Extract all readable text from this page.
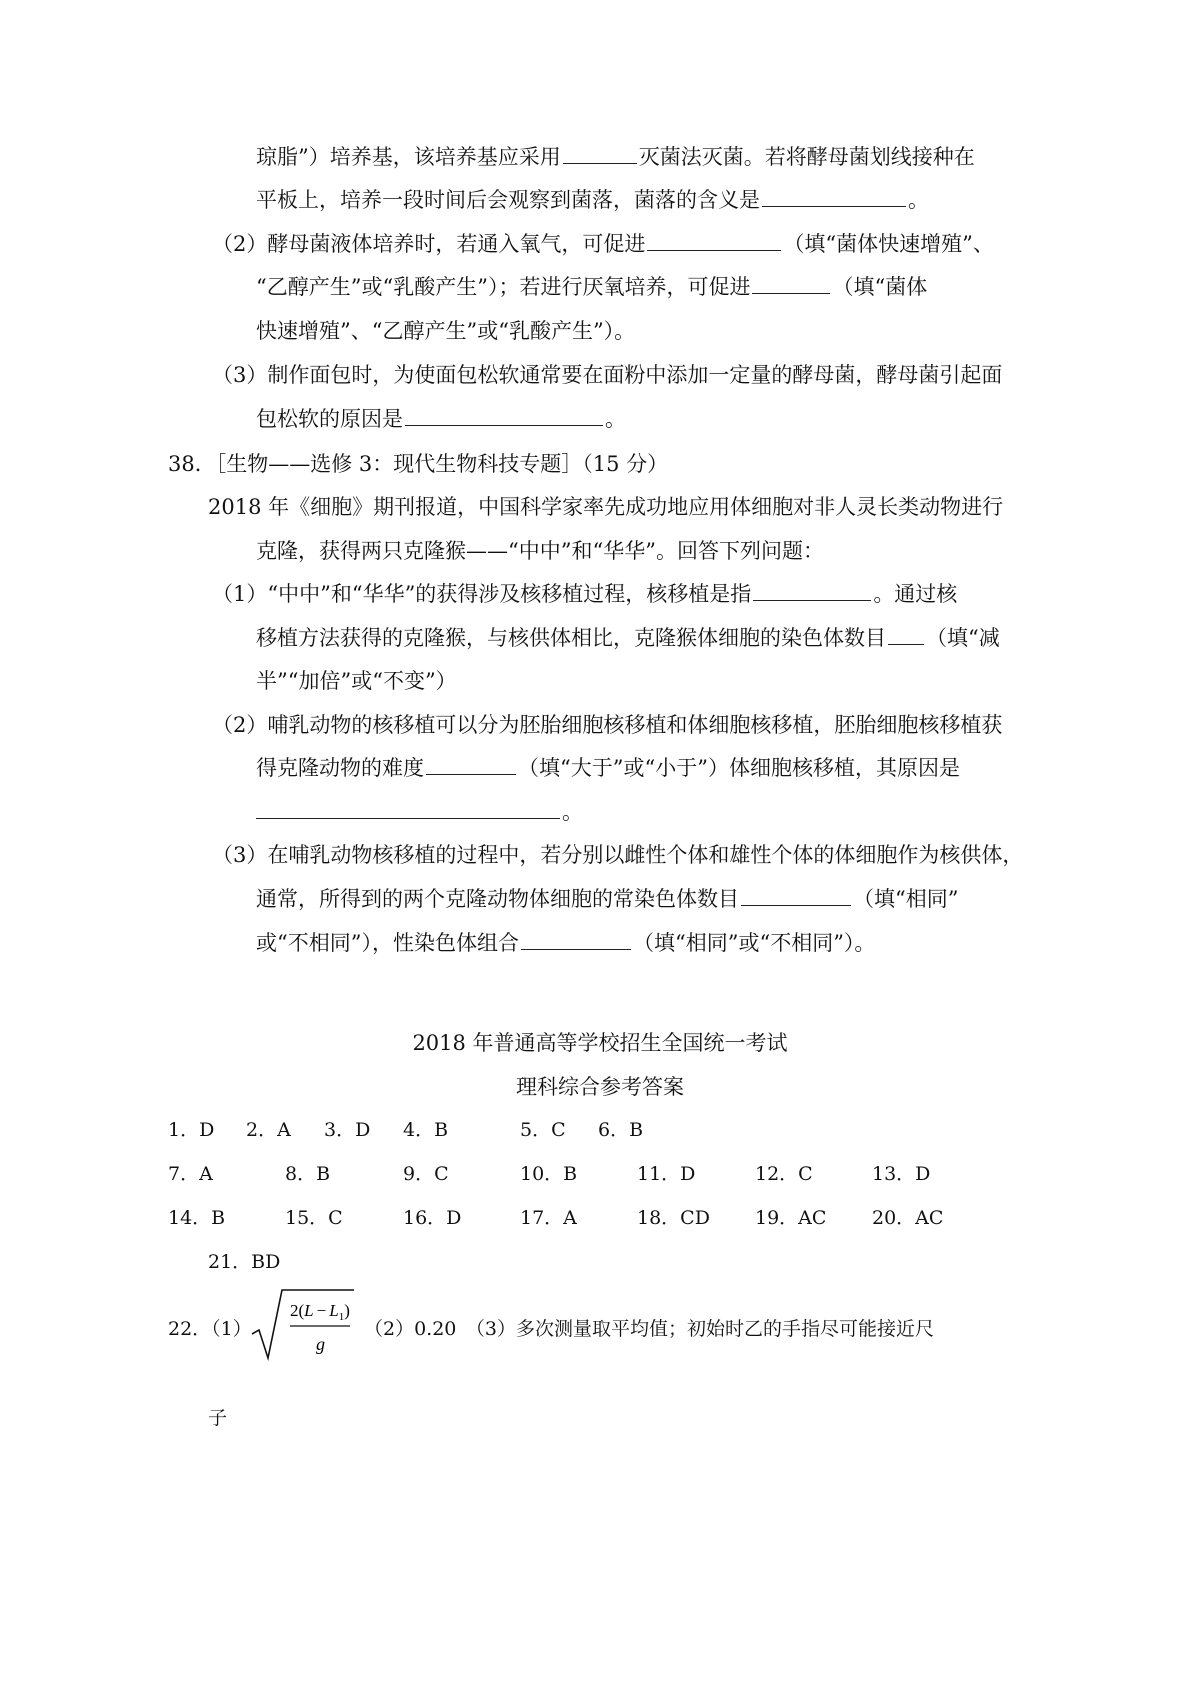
琼脂”）培养基，该培养基应采用	灭菌法灭菌。若将酵母菌划线接种在
平板上，培养一段时间后会观察到菌落，菌落的含义是	。
（2）酵母菌液体培养时，若通入氧气，可促进	（填“菌体快速增殖”、
“乙醇产生”或“乳酸产生”）；若进行厌氧培养，可促进	（填“菌体
快速增殖”、“乙醇产生”或“乳酸产生”）。
（3）制作面包时，为使面包松软通常要在面粉中添加一定量的酵母菌，酵母菌引起面
包松软的原因是	。
38．［生物——选修 3：现代生物科技专题］（15 分）
2018 年《细胞》期刊报道，中国科学家率先成功地应用体细胞对非人灵长类动物进行
克隆，获得两只克隆猴——“中中”和“华华”。回答下列问题：
（1）“中中”和“华华”的获得涉及核移植过程，核移植是指	。通过核
移植方法获得的克隆猴，与核供体相比，克隆猴体细胞的染色体数目 （填“减
半”“加倍”或“不变”）
（2）哺乳动物的核移植可以分为胚胎细胞核移植和体细胞核移植，胚胎细胞核移植获
得克隆动物的难度	（填“大于”或“小于”）体细胞核移植，其原因是
。
（3）在哺乳动物核移植的过程中，若分别以雌性个体和雄性个体的体细胞作为核供体，
通常，所得到的两个克隆动物体细胞的常染色体数目	（填“相同”
或“不相同”），性染色体组合	（填“相同”或“不相同”）。
2018 年普通高等学校招生全国统一考试
理科综合参考答案
1．D 2．A 3．D 4．B	5．C 6．B
7．A	8．B	9．C	10．B	11．D	12．C	13．D
14．B	15．C	16．D	17．A	18．CD 19．AC 20．AC
21．BD
22．（1）
$2(L - L_1)$
g
（2）0.20　（3）多次测量取平均值；初始时乙的手指尽可能接近尺
子
